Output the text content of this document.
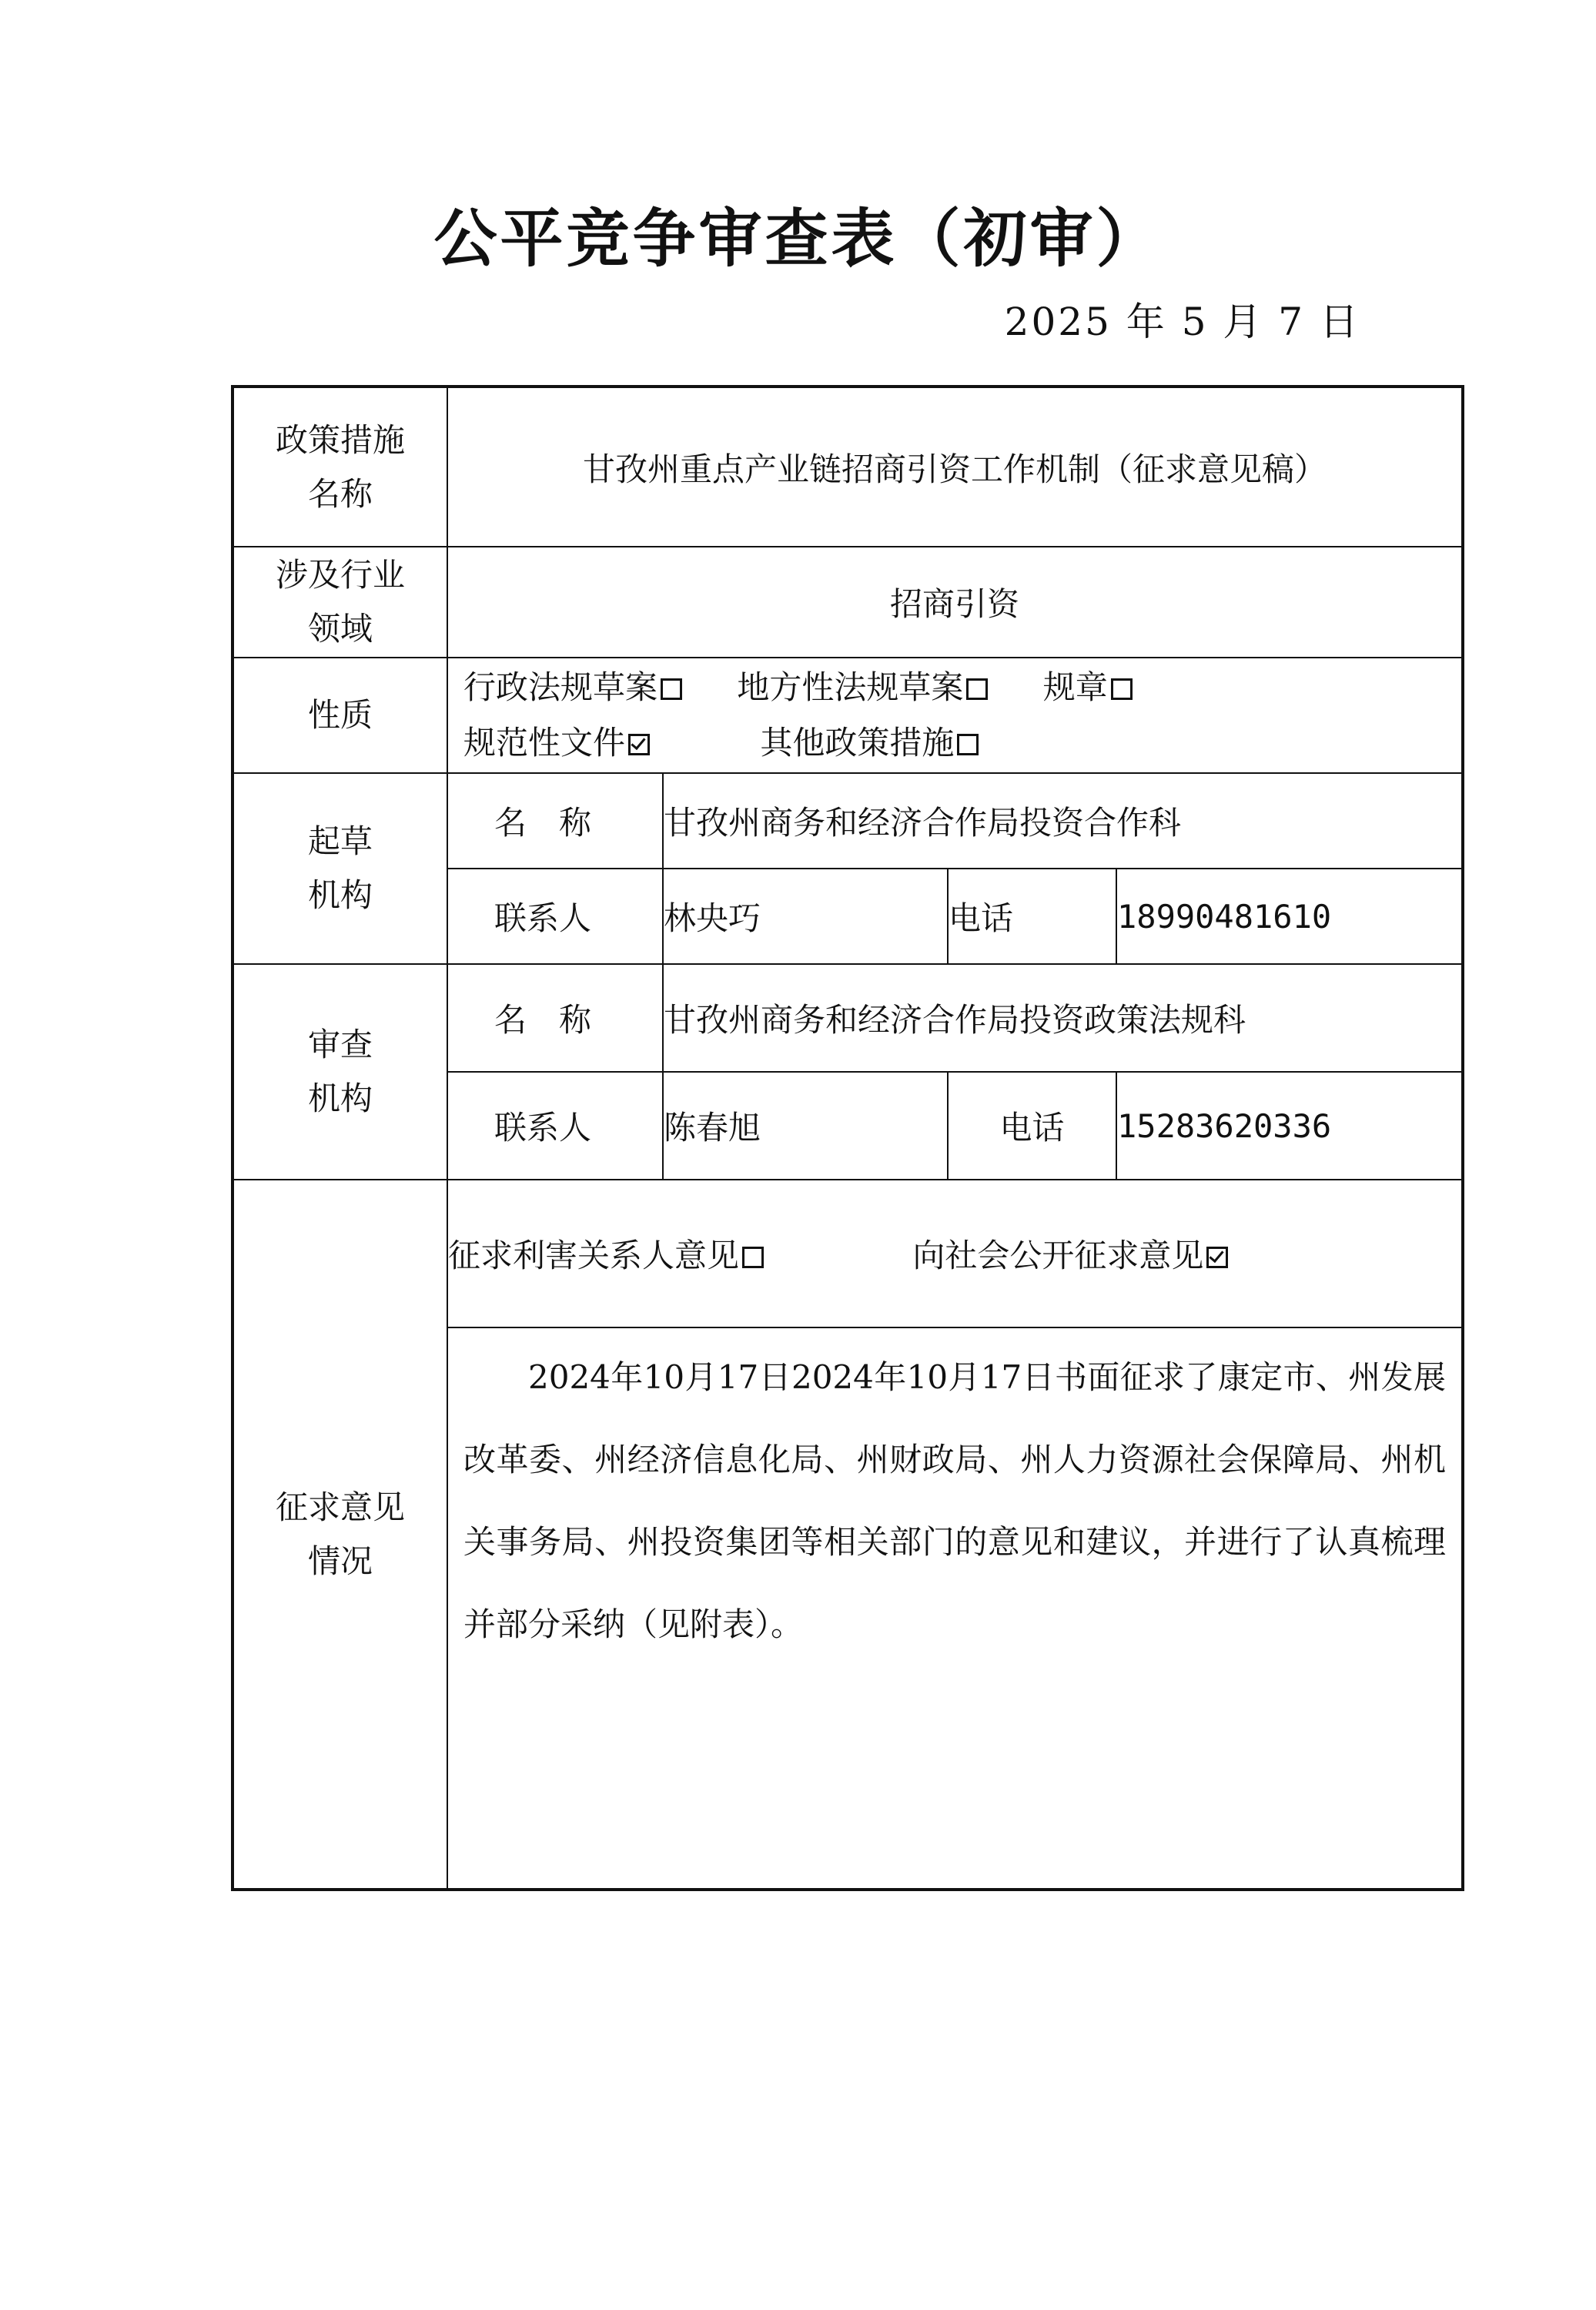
公平竞争审查表（初审）
2025 年 5 月 7 日
政策措施
名称	甘孜州重点产业链招商引资工作机制（征求意见稿）			

涉及行业
领域	招商引资			
性质	行政法规草案 地方性法规草案 规章
规范性文件 其他政策措施			

起草
机构	名　称	甘孜州商务和经济合作局投资合作科		
	联系人	林央巧	电话	18990481610

审查
机构	名　称	甘孜州商务和经济合作局投资政策法规科		
	联系人	陈春旭	电话	15283620336

征求意见
情况	征求利害关系人意见 向社会公开征求意见			

	2024年10月17日2024年10月17日书面征求了康定市、州发展改革委、州经济信息化局、州财政局、州人力资源社会保障局、州机关事务局、州投资集团等相关部门的意见和建议，并进行了认真梳理并部分采纳（见附表）。			
